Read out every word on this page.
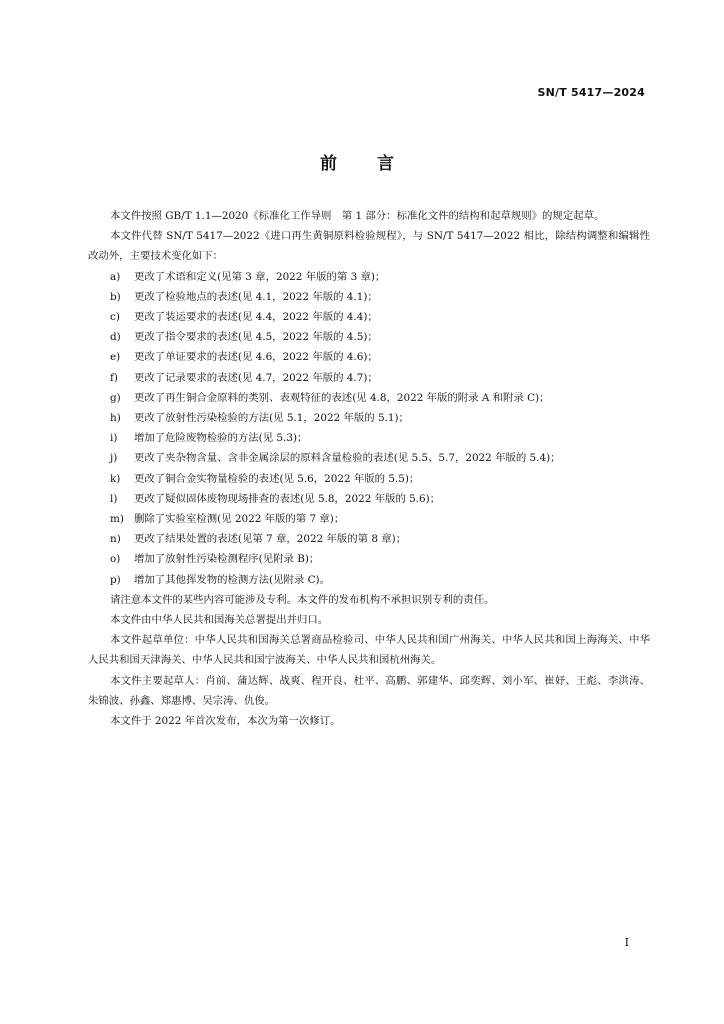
SN/T 5417—2024
前言

本文件按照 GB/T 1.1—2020《标准化工作导则　第 1 部分：标准化文件的结构和起草规则》的规定起草。

本文件代替 SN/T 5417—2022《进口再生黄铜原料检验规程》，与 SN/T 5417—2022 相比，除结构调整和编辑性改动外，主要技术变化如下：

a)	更改了术语和定义(见第 3 章，2022 年版的第 3 章)；
b)	更改了检验地点的表述(见 4.1，2022 年版的 4.1)；
c)	更改了装运要求的表述(见 4.4，2022 年版的 4.4)；
d)	更改了指令要求的表述(见 4.5，2022 年版的 4.5)；
e)	更改了单证要求的表述(见 4.6，2022 年版的 4.6)；
f)	更改了记录要求的表述(见 4.7，2022 年版的 4.7)；
g)	更改了再生铜合金原料的类别、表观特征的表述(见 4.8，2022 年版的附录 A 和附录 C)；
h)	更改了放射性污染检验的方法(见 5.1，2022 年版的 5.1)；
i)	增加了危险废物检验的方法(见 5.3)；
j)	更改了夹杂物含量、含非金属涂层的原料含量检验的表述(见 5.5、5.7，2022 年版的 5.4)；
k)	更改了铜合金实物量检验的表述(见 5.6，2022 年版的 5.5)；
l)	更改了疑似固体废物现场排查的表述(见 5.8，2022 年版的 5.6)；
m) 删除了实验室检测(见 2022 年版的第 7 章)；
n)	更改了结果处置的表述(见第 7 章，2022 年版的第 8 章)；
o)	增加了放射性污染检测程序(见附录 B)；
p)	增加了其他挥发物的检测方法(见附录 C)。

请注意本文件的某些内容可能涉及专利。本文件的发布机构不承担识别专利的责任。

本文件由中华人民共和国海关总署提出并归口。

本文件起草单位：中华人民共和国海关总署商品检验司、中华人民共和国广州海关、中华人民共和国上海海关、中华人民共和国天津海关、中华人民共和国宁波海关、中华人民共和国杭州海关。

本文件主要起草人：肖前、蒲达辉、战爽、程开良、杜平、高鹏、郭建华、邱奕辉、刘小军、崔妤、王彪、李洪涛、朱锦波、孙鑫、郑惠博、吴宗涛、仇俊。

本文件于 2022 年首次发布，本次为第一次修订。

I
